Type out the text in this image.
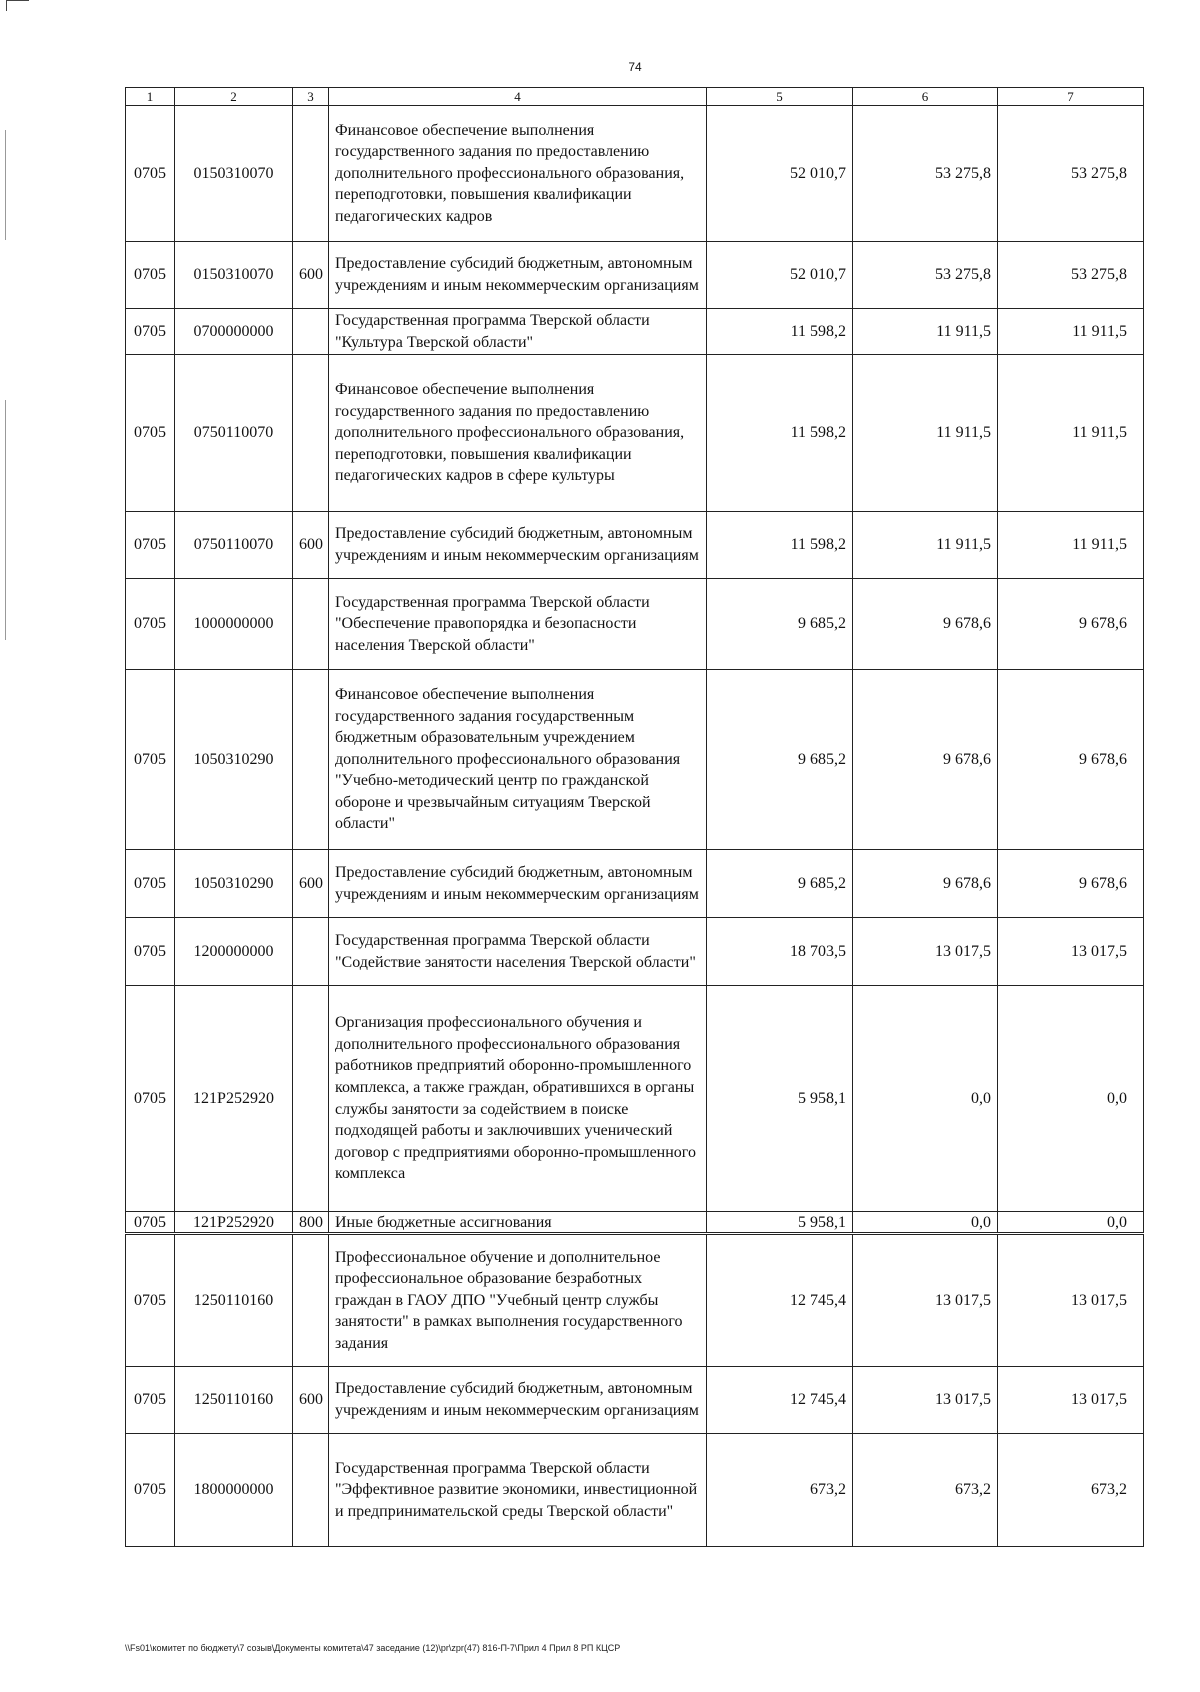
74
1	2	3	4	5	6	7
0705	0150310070		Финансовое обеспечение выполнения государственного задания по предоставлению дополнительного профессионального образования, переподготовки, повышения квалификации педагогических кадров	52 010,7	53 275,8	53 275,8
0705	0150310070	600	Предоставление субсидий бюджетным, автономным учреждениям и иным некоммерческим организациям	52 010,7	53 275,8	53 275,8
0705	0700000000		Государственная программа Тверской области "Культура Тверской области"	11 598,2	11 911,5	11 911,5
0705	0750110070		Финансовое обеспечение выполнения государственного задания по предоставлению дополнительного профессионального образования, переподготовки, повышения квалификации педагогических кадров в сфере культуры	11 598,2	11 911,5	11 911,5
0705	0750110070	600	Предоставление субсидий бюджетным, автономным учреждениям и иным некоммерческим организациям	11 598,2	11 911,5	11 911,5
0705	1000000000		Государственная программа Тверской области "Обеспечение правопорядка и безопасности населения Тверской области"	9 685,2	9 678,6	9 678,6
0705	1050310290		Финансовое обеспечение выполнения государственного задания государственным бюджетным образовательным учреждением дополнительного профессионального образования "Учебно-методический центр по гражданской обороне и чрезвычайным ситуациям Тверской области"	9 685,2	9 678,6	9 678,6
0705	1050310290	600	Предоставление субсидий бюджетным, автономным учреждениям и иным некоммерческим организациям	9 685,2	9 678,6	9 678,6
0705	1200000000		Государственная программа Тверской области "Содействие занятости населения Тверской области"	18 703,5	13 017,5	13 017,5
0705	121P252920		Организация профессионального обучения и дополнительного профессионального образования работников предприятий оборонно-промышленного комплекса, а также граждан, обратившихся в органы службы занятости за содействием в поиске подходящей работы и заключивших ученический договор с предприятиями оборонно-промышленного комплекса	5 958,1	0,0	0,0
0705	121P252920	800	Иные бюджетные ассигнования	5 958,1	0,0	0,0
0705	1250110160		Профессиональное обучение и дополнительное профессиональное образование безработных граждан в ГАОУ ДПО "Учебный центр службы занятости" в рамках выполнения государственного задания	12 745,4	13 017,5	13 017,5
0705	1250110160	600	Предоставление субсидий бюджетным, автономным учреждениям и иным некоммерческим организациям	12 745,4	13 017,5	13 017,5
0705	1800000000		Государственная программа Тверской области "Эффективное развитие экономики, инвестиционной и предпринимательской среды Тверской области"	673,2	673,2	673,2
\\Fs01\комитет по бюджету\7 созыв\Документы комитета\47 заседание (12)\pr\zpr(47) 816-П-7\Прил 4 Прил 8 РП КЦСР
